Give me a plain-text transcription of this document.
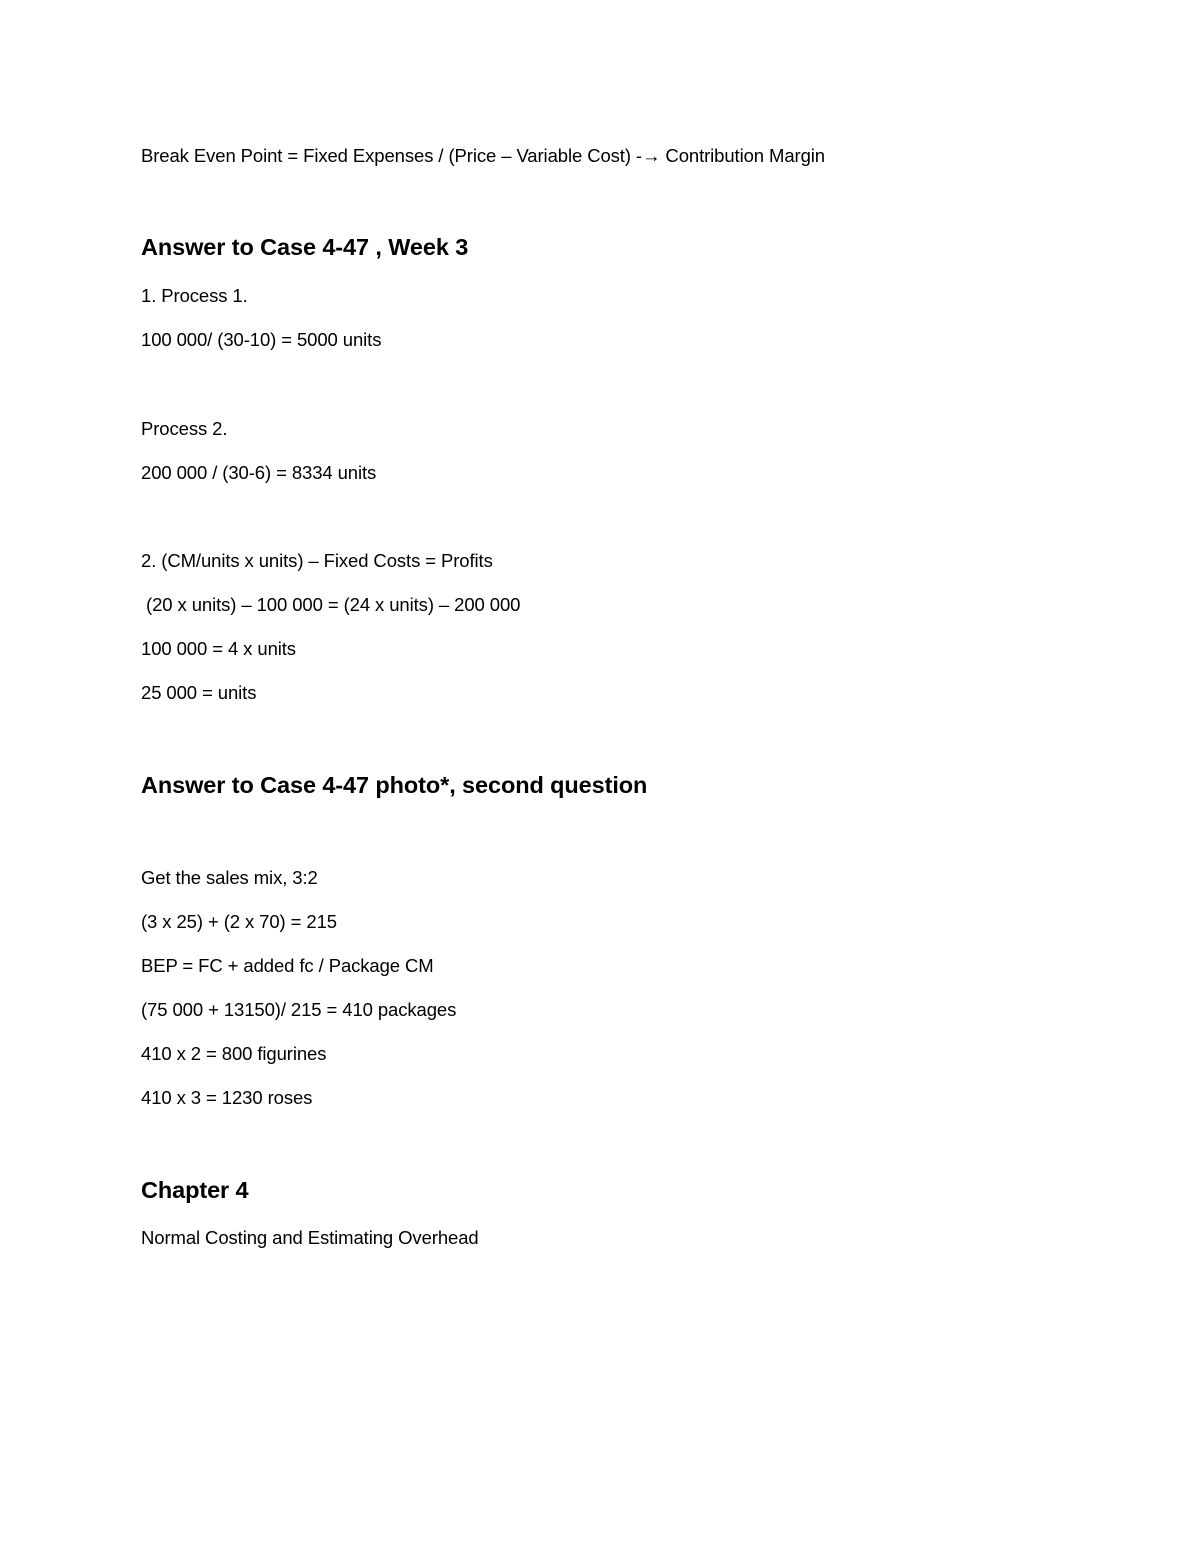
Break Even Point = Fixed Expenses / (Price – Variable Cost) -→ Contribution Margin
Answer to Case 4-47 , Week 3
1. Process 1.
100 000/ (30-10) = 5000 units
Process 2.
200 000 / (30-6) = 8334 units
2. (CM/units x units) – Fixed Costs = Profits
(20 x units) – 100 000 = (24 x units) – 200 000
100 000 = 4 x units
25 000 = units
Answer to Case 4-47 photo*, second question
Get the sales mix, 3:2
(3 x 25) + (2 x 70) = 215
BEP = FC + added fc / Package CM
(75 000 + 13150)/ 215 = 410 packages
410 x 2 = 800 figurines
410 x 3 = 1230 roses
Chapter 4
Normal Costing and Estimating Overhead
